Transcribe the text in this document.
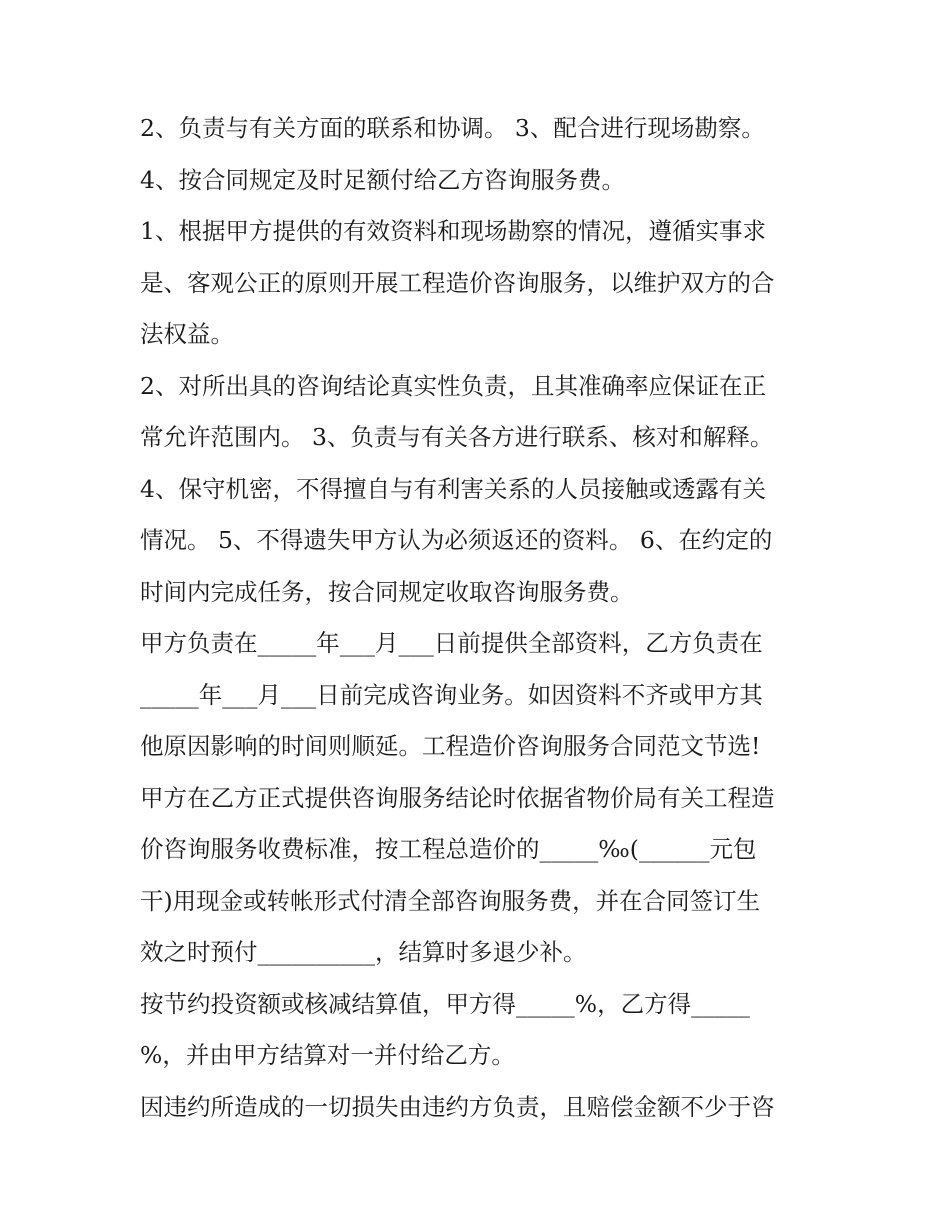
2、负责与有关方面的联系和协调。 3、配合进行现场勘察。

4、按合同规定及时足额付给乙方咨询服务费。

1、根据甲方提供的有效资料和现场勘察的情况，遵循实事求

是、客观公正的原则开展工程造价咨询服务，以维护双方的合

法权益。

2、对所出具的咨询结论真实性负责，且其准确率应保证在正

常允许范围内。 3、负责与有关各方进行联系、核对和解释。

4、保守机密，不得擅自与有利害关系的人员接触或透露有关

情况。 5、不得遗失甲方认为必须返还的资料。 6、在约定的

时间内完成任务，按合同规定收取咨询服务费。

甲方负责在_____年___月___日前提供全部资料，乙方负责在

_____年___月___日前完成咨询业务。如因资料不齐或甲方其

他原因影响的时间则顺延。工程造价咨询服务合同范文节选!

甲方在乙方正式提供咨询服务结论时依据省物价局有关工程造

价咨询服务收费标准，按工程总造价的_____‰(______元包

干)用现金或转帐形式付清全部咨询服务费，并在合同签订生

效之时预付__________，结算时多退少补。

按节约投资额或核减结算值，甲方得_____%，乙方得_____

%，并由甲方结算对一并付给乙方。

因违约所造成的一切损失由违约方负责，且赔偿金额不少于咨
